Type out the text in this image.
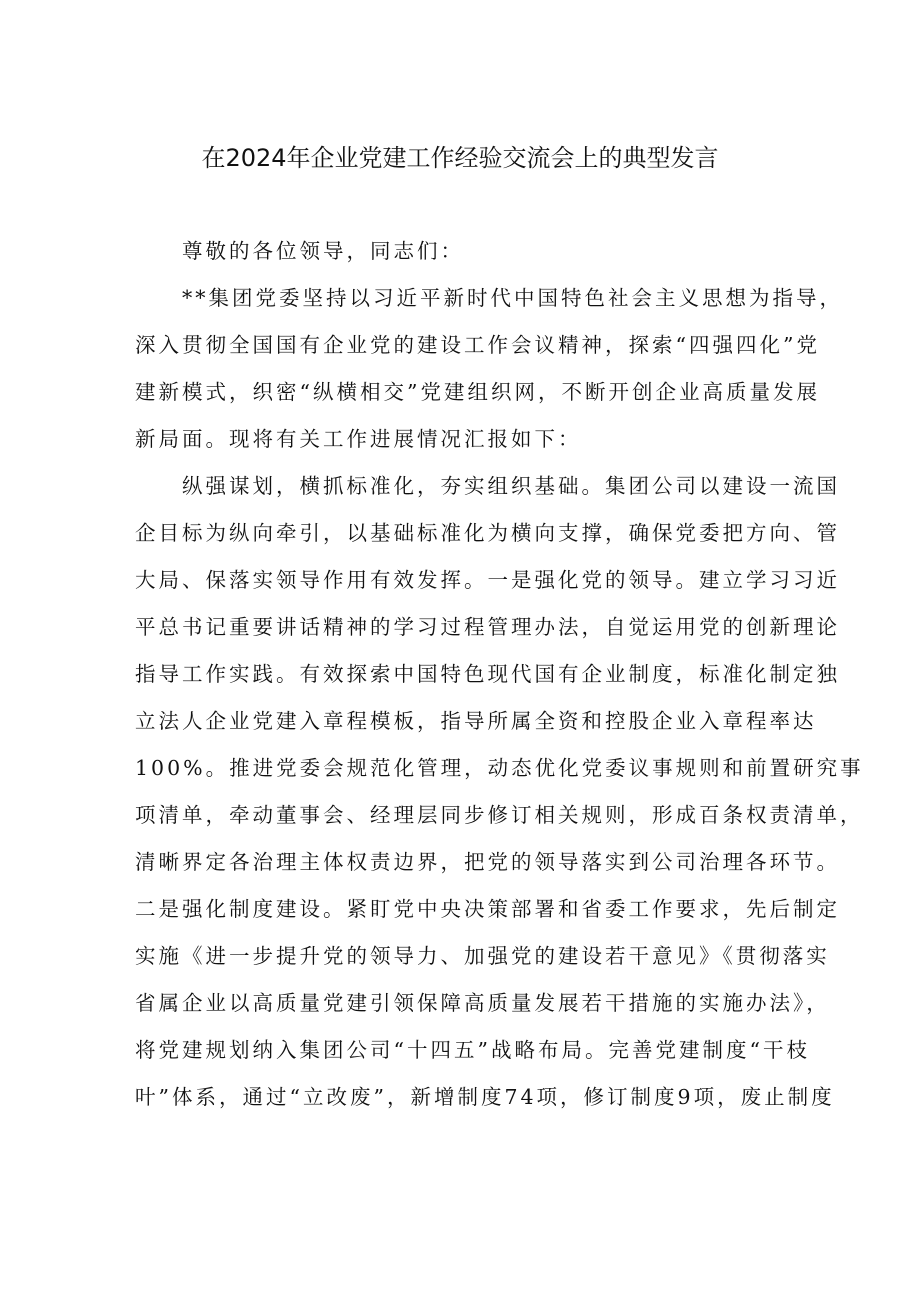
在2024年企业党建工作经验交流会上的典型发言
　　尊敬的各位领导，同志们：
　　**集团党委坚持以习近平新时代中国特色社会主义思想为指导，
深入贯彻全国国有企业党的建设工作会议精神，探索“四强四化”党
建新模式，织密“纵横相交”党建组织网，不断开创企业高质量发展
新局面。现将有关工作进展情况汇报如下：
　　纵强谋划，横抓标准化，夯实组织基础。集团公司以建设一流国
企目标为纵向牵引，以基础标准化为横向支撑，确保党委把方向、管
大局、保落实领导作用有效发挥。一是强化党的领导。建立学习习近
平总书记重要讲话精神的学习过程管理办法，自觉运用党的创新理论
指导工作实践。有效探索中国特色现代国有企业制度，标准化制定独
立法人企业党建入章程模板，指导所属全资和控股企业入章程率达
100%。推进党委会规范化管理，动态优化党委议事规则和前置研究事
项清单，牵动董事会、经理层同步修订相关规则，形成百条权责清单，
清晰界定各治理主体权责边界，把党的领导落实到公司治理各环节。
二是强化制度建设。紧盯党中央决策部署和省委工作要求，先后制定
实施《进一步提升党的领导力、加强党的建设若干意见》《贯彻落实
省属企业以高质量党建引领保障高质量发展若干措施的实施办法》，
将党建规划纳入集团公司“十四五”战略布局。完善党建制度“干枝
叶”体系，通过“立改废”，新增制度74项，修订制度9项，废止制度
